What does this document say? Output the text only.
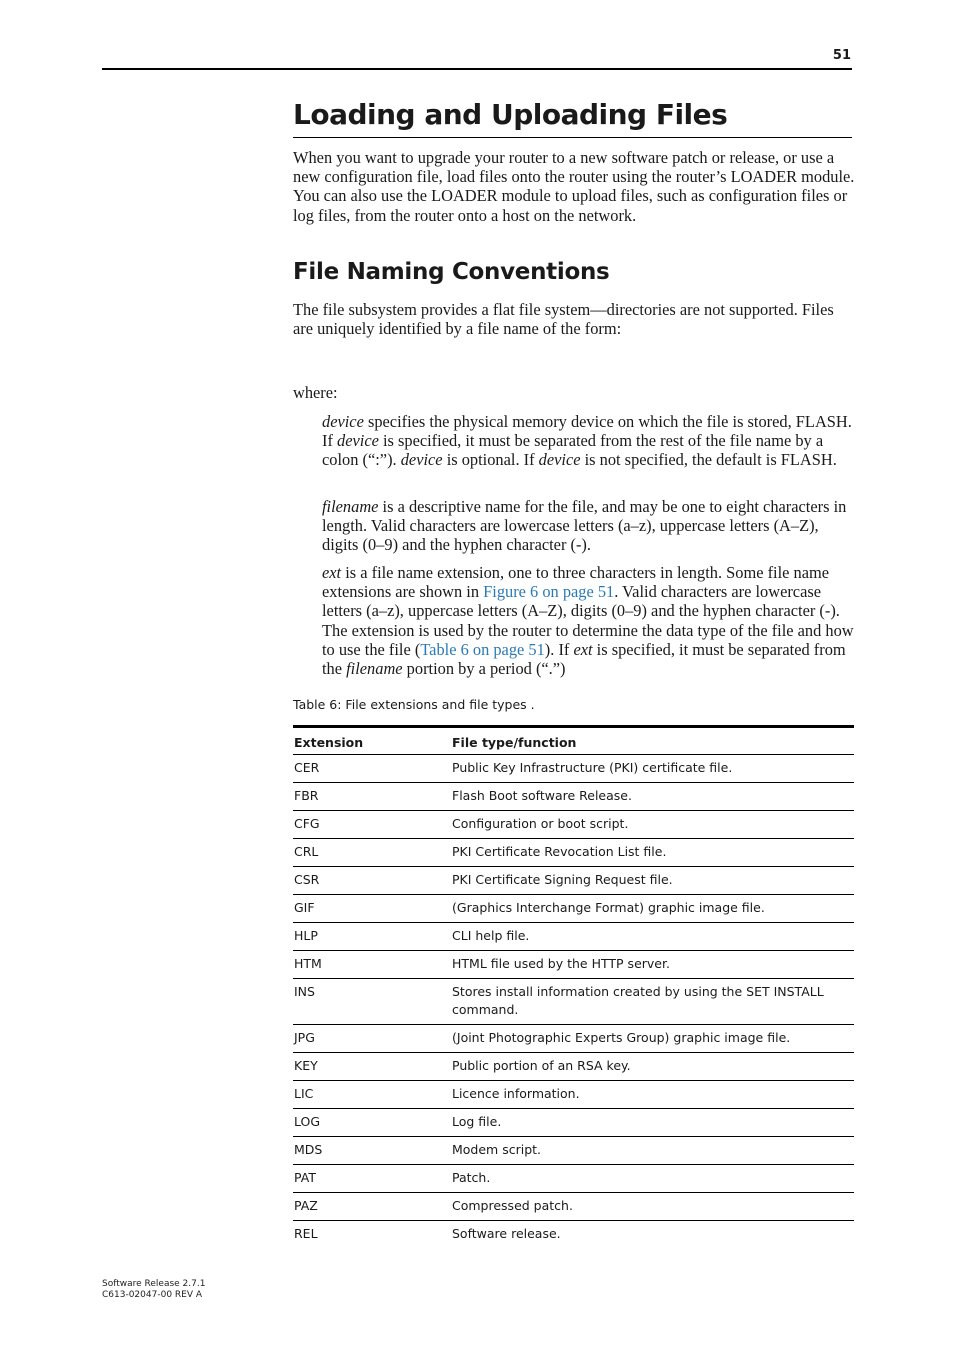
51
Loading and Uploading Files
When you want to upgrade your router to a new software patch or release, or use a new configuration file, load files onto the router using the router’s LOADER module. You can also use the LOADER module to upload files, such as configuration files or log files, from the router onto a host on the network.
File Naming Conventions
The file subsystem provides a flat file system—directories are not supported. Files are uniquely identified by a file name of the form:
where:
device specifies the physical memory device on which the file is stored, FLASH. If device is specified, it must be separated from the rest of the file name by a colon (“:”). device is optional. If device is not specified, the default is FLASH.
filename is a descriptive name for the file, and may be one to eight characters in length. Valid characters are lowercase letters (a–z), uppercase letters (A–Z), digits (0–9) and the hyphen character (-).
ext is a file name extension, one to three characters in length. Some file name extensions are shown in Figure 6 on page 51. Valid characters are lowercase letters (a–z), uppercase letters (A–Z), digits (0–9) and the hyphen character (-). The extension is used by the router to determine the data type of the file and how to use the file (Table 6 on page 51). If ext is specified, it must be separated from the filename portion by a period (“.”)
Table 6: File extensions and file types .
Extension	File type/function
CER	Public Key Infrastructure (PKI) certificate file.
FBR	Flash Boot software Release.
CFG	Configuration or boot script.
CRL	PKI Certificate Revocation List file.
CSR	PKI Certificate Signing Request file.
GIF	(Graphics Interchange Format) graphic image file.
HLP	CLI help file.
HTM	HTML file used by the HTTP server.
INS	Stores install information created by using the SET INSTALL command.
JPG	(Joint Photographic Experts Group) graphic image file.
KEY	Public portion of an RSA key.
LIC	Licence information.
LOG	Log file.
MDS	Modem script.
PAT	Patch.
PAZ	Compressed patch.
REL	Software release.
Software Release 2.7.1
C613-02047-00 REV A
